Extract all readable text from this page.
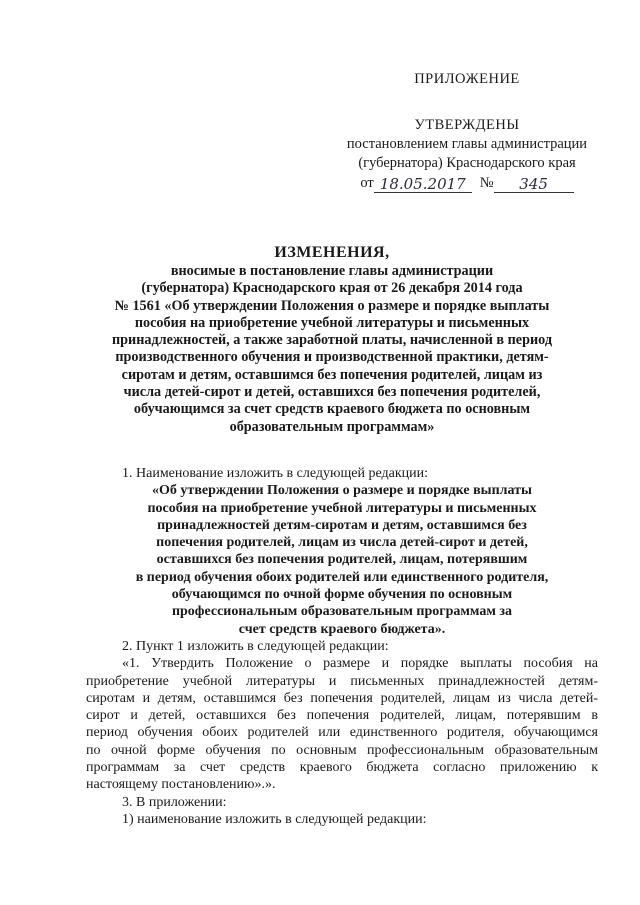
ПРИЛОЖЕНИЕ
УТВЕРЖДЕНЫ
постановлением главы администрации
(губернатора) Краснодарского края
от 18.05.2017 №	345
ИЗМЕНЕНИЯ,
вносимые в постановление главы администрации
(губернатора) Краснодарского края от 26 декабря 2014 года
№ 1561 «Об утверждении Положения о размере и порядке выплаты
пособия на приобретение учебной литературы и письменных
принадлежностей, а также заработной платы, начисленной в период
производственного обучения и производственной практики, детям-
сиротам и детям, оставшимся без попечения родителей, лицам из
числа детей-сирот и детей, оставшихся без попечения родителей,
обучающимся за счет средств краевого бюджета по основным
образовательным программам»

1. Наименование изложить в следующей редакции:

«Об утверждении Положения о размере и порядке выплаты
пособия на приобретение учебной литературы и письменных
принадлежностей детям-сиротам и детям, оставшимся без
попечения родителей, лицам из числа детей-сирот и детей,
оставшихся без попечения родителей, лицам, потерявшим
в период обучения обоих родителей или единственного родителя,
обучающимся по очной форме обучения по основным
профессиональным образовательным программам за
счет средств краевого бюджета».

2. Пункт 1 изложить в следующей редакции:

«1. Утвердить Положение о размере и порядке выплаты пособия на
приобретение учебной литературы и письменных принадлежностей детям-
сиротам и детям, оставшимся без попечения родителей, лицам из числа детей-
сирот и детей, оставшихся без попечения родителей, лицам, потерявшим в
период обучения обоих родителей или единственного родителя, обучающимся
по очной форме обучения по основным профессиональным образовательным
программам за счет средств краевого бюджета согласно приложению к
настоящему постановлению».».

3. В приложении:

1) наименование изложить в следующей редакции:
